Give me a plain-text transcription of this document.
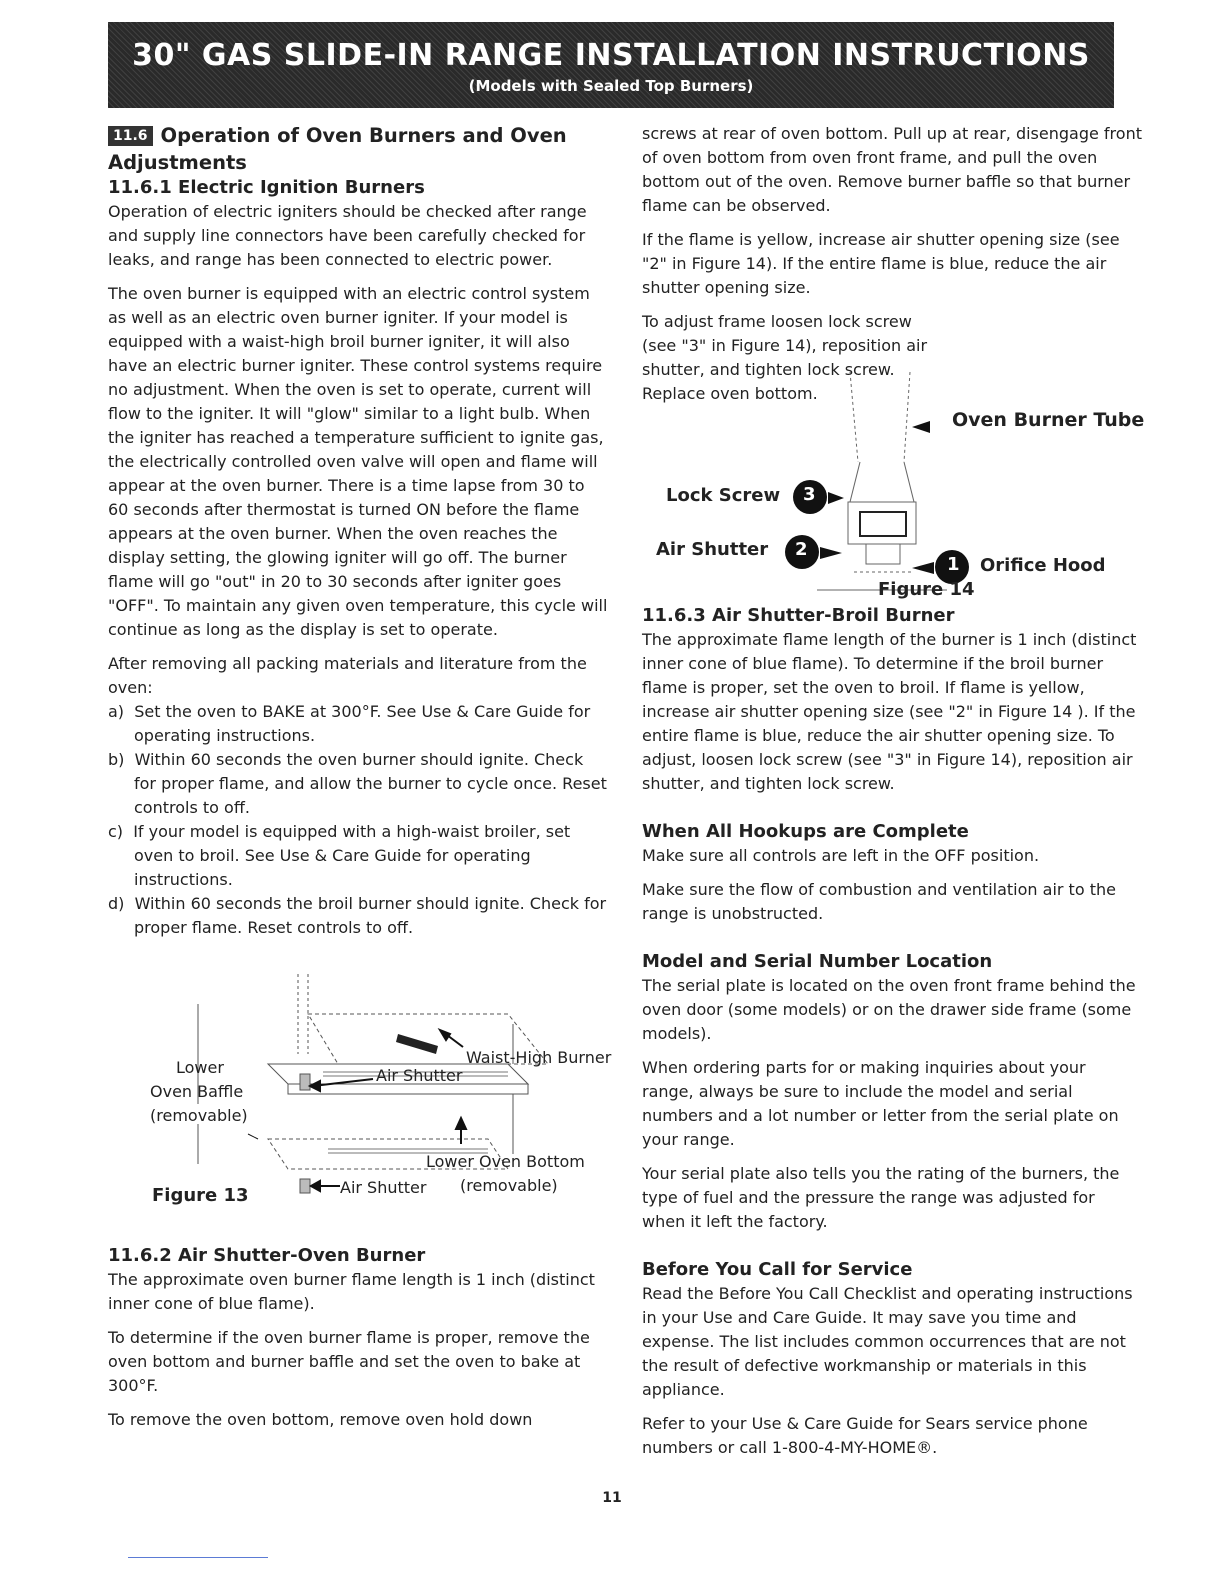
30" GAS SLIDE-IN RANGE INSTALLATION INSTRUCTIONS
(Models with Sealed Top Burners)
11.6 Operation of Oven Burners and Oven Adjustments
11.6.1 Electric Ignition Burners

Operation of electric igniters should be checked after range and supply line connectors have been carefully checked for leaks, and range has been connected to electric power.

The oven burner is equipped with an electric control system as well as an electric oven burner igniter. If your model is equipped with a waist-high broil burner igniter, it will also have an electric burner igniter. These control systems require no adjustment. When the oven is set to operate, current will flow to the igniter. It will "glow" similar to a light bulb. When the igniter has reached a temperature sufficient to ignite gas, the electrically controlled oven valve will open and flame will appear at the oven burner. There is a time lapse from 30 to 60 seconds after thermostat is turned ON before the flame appears at the oven burner. When the oven reaches the display setting, the glowing igniter will go off. The burner flame will go "out" in 20 to 30 seconds after igniter goes "OFF". To maintain any given oven temperature, this cycle will continue as long as the display is set to operate.

After removing all packing materials and literature from the oven:
a)  Set the oven to BAKE at 300°F. See Use & Care Guide for operating instructions.
b)  Within 60 seconds the oven burner should ignite. Check for proper flame, and allow the burner to cycle once. Reset controls to off.
c)  If your model is equipped with a high-waist broiler, set oven to broil. See Use & Care Guide for operating instructions.
d)  Within 60 seconds the broil burner should ignite. Check for proper flame. Reset controls to off.
Lower
Oven Baffle
(removable)
Waist-High Burner
Air Shutter
Lower Oven Bottom
(removable)
Air Shutter
Figure 13
11.6.2 Air Shutter-Oven Burner

The approximate oven burner flame length is 1 inch (distinct inner cone of blue flame).

To determine if the oven burner flame is proper, remove the oven bottom and burner baffle and set the oven to bake at 300°F.

To remove the oven bottom, remove oven hold down

screws at rear of oven bottom. Pull up at rear, disengage front of oven bottom from oven front frame, and pull the oven bottom out of the oven. Remove burner baffle so that burner flame can be observed.

If the flame is yellow, increase air shutter opening size (see "2" in Figure 14). If the entire flame is blue, reduce the air shutter opening size.

To adjust frame loosen lock screw (see "3" in Figure 14), reposition air shutter, and tighten lock screw. Replace oven bottom.
Oven Burner Tube
Lock Screw
Air Shutter
Orifice Hood
3
2
1
Figure 14
11.6.3 Air Shutter-Broil Burner

The approximate flame length of the burner is 1 inch (distinct inner cone of blue flame). To determine if the broil burner flame is proper, set the oven to broil. If flame is yellow, increase air shutter opening size (see "2" in Figure 14 ). If the entire flame is blue, reduce the air shutter opening size. To adjust, loosen lock screw (see "3" in Figure 14), reposition air shutter, and tighten lock screw.

When All Hookups are Complete

Make sure all controls are left in the OFF position.

Make sure the flow of combustion and ventilation air to the range is unobstructed.

Model and Serial Number Location

The serial plate is located on the oven front frame behind the oven door (some models) or on the drawer side frame (some models).

When ordering parts for or making inquiries about your range, always be sure to include the model and serial numbers and a lot number or letter from the serial plate on your range.

Your serial plate also tells you the rating of the burners, the type of fuel and the pressure the range was adjusted for when it left the factory.

Before You Call for Service

Read the Before You Call Checklist and operating instructions in your Use and Care Guide. It may save you time and expense. The list includes common occurrences that are not the result of defective workmanship or materials in this appliance.

Refer to your Use & Care Guide for Sears service phone numbers or call 1-800-4-MY-HOME®.

11
